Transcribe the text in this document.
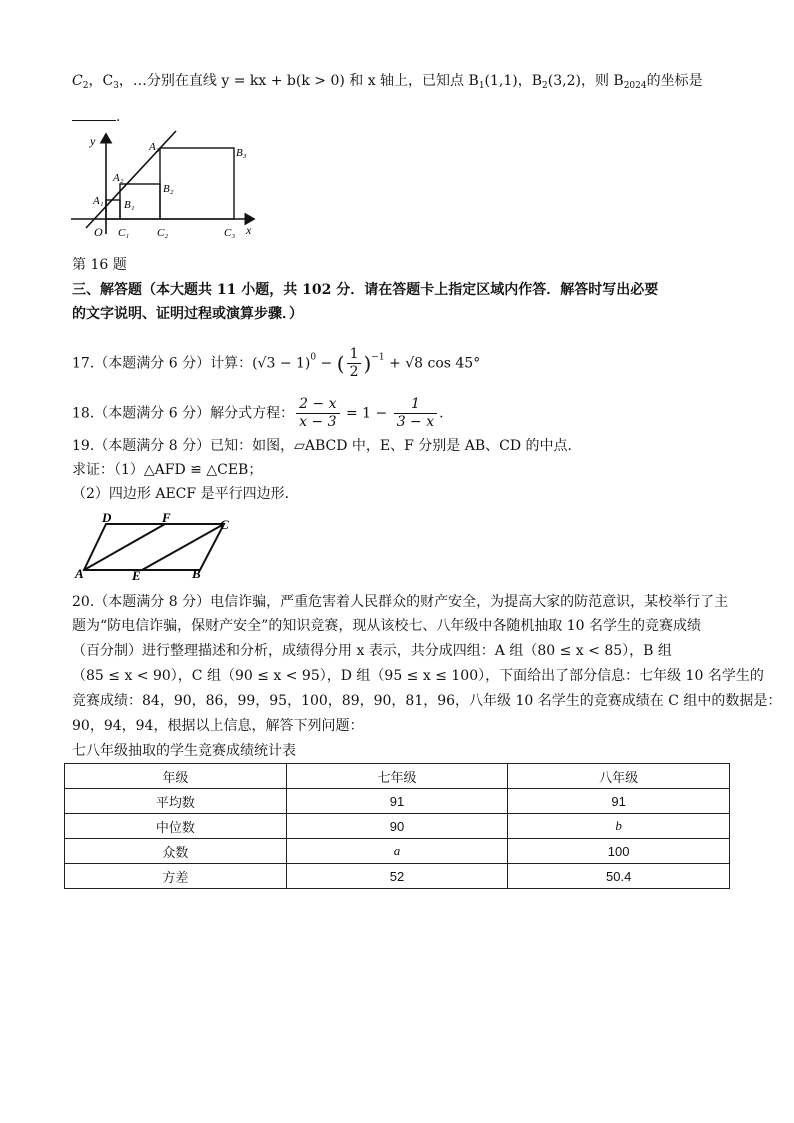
$C_2$，$C_3$，…分别在直线 y = kx + b(k > 0) 和 x 轴上，已知点 $B_1(1,1)$，$B_2(3,2)$，则 $B_{2024}$的坐标是
.
y
x
O
A₁
A₂
A₃
B₁
B₂
B₃
C₁	C₂	C₃
第 16 题
三、解答题（本大题共 11 小题，共 102 分．请在答题卡上指定区域内作答．解答时写出必要
的文字说明、证明过程或演算步骤．）
17.（本题满分 6 分）计算：$(√3 - 1)^0$ − ( $\frac{1}{2} )^{-1} + √8$ cos 45°
18.（本题满分 6 分）解分式方程： $\frac{2 - x}{x - 3} = 1 - \frac{1}{3 - x}$ .
19.（本题满分 8 分）已知：如图，▱ABCD 中，E、F 分别是 AB、CD 的中点．
求证：（1）△AFD ≌ △CEB；
（2）四边形 AECF 是平行四边形．
D	F	C
A	E	B
20.（本题满分 8 分）电信诈骗，严重危害着人民群众的财产安全，为提高大家的防范意识，某校举行了主
题为“防电信诈骗，保财产安全”的知识竞赛，现从该校七、八年级中各随机抽取 10 名学生的竞赛成绩
（百分制）进行整理描述和分析，成绩得分用 x 表示，共分成四组：A 组（80 ≤ x < 85），B 组
（85 ≤ x < 90），C 组（90 ≤ x < 95），D 组（95 ≤ x ≤ 100），下面给出了部分信息：七年级 10 名学生的
竞赛成绩：84，90，86，99，95，100，89，90，81，96，八年级 10 名学生的竞赛成绩在 C 组中的数据是：
90，94，94，根据以上信息，解答下列问题：
七八年级抽取的学生竞赛成绩统计表
年级	七年级	八年级
平均数	91	91
中位数	90	b
众数	a	100
方差	52	50.4
